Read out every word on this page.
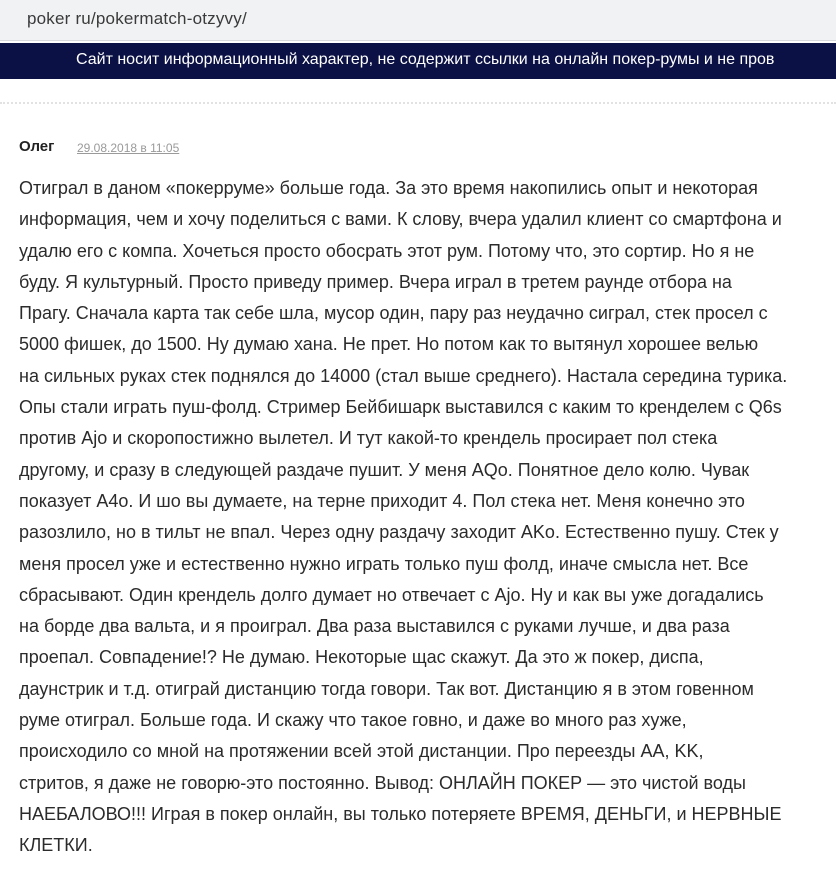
poker ru/pokermatch-otzyvy/
Сайт носит информационный характер, не содержит ссылки на онлайн покер-румы и не пров
Олег 29.08.2018 в 11:05
Отиграл в даном «покерруме» больше года. За это время накопились опыт и некоторая
информация, чем и хочу поделиться с вами. К слову, вчера удалил клиент со смартфона и
удалю его с компа. Хочеться просто обосрать этот рум. Потому что, это сортир. Но я не
буду. Я культурный. Просто приведу пример. Вчера играл в третем раунде отбора на
Прагу. Сначала карта так себе шла, мусор один, пару раз неудачно сиграл, стек просел с
5000 фишек, до 1500. Ну думаю хана. Не прет. Но потом как то вытянул хорошее велью
на сильных руках стек поднялся до 14000 (стал выше среднего). Настала середина турика.
Опы стали играть пуш-фолд. Стример Бейбишарк выставился с каким то кренделем с Q6s
против Ajo и скоропостижно вылетел. И тут какой-то крендель просирает пол стека
другому, и сразу в следующей раздаче пушит. У меня AQo. Понятное дело колю. Чувак
показует A4o. И шо вы думаете, на терне приходит 4. Пол стека нет. Меня конечно это
разозлило, но в тильт не впал. Через одну раздачу заходит AKo. Естественно пушу. Стек у
меня просел уже и естественно нужно играть только пуш фолд, иначе смысла нет. Все
сбрасывают. Один крендель долго думает но отвечает с Ajo. Ну и как вы уже догадались
на борде два вальта, и я проиграл. Два раза выставился с руками лучше, и два раза
проепал. Совпадение!? Не думаю. Некоторые щас скажут. Да это ж покер, диспа,
даунстрик и т.д. отиграй дистанцию тогда говори. Так вот. Дистанцию я в этом говенном
руме отиграл. Больше года. И скажу что такое говно, и даже во много раз хуже,
происходило со мной на протяжении всей этой дистанции. Про переезды AA, KK,
стритов, я даже не говорю-это постоянно. Вывод: ОНЛАЙН ПОКЕР — это чистой воды
НАЕБАЛОВО!!! Играя в покер онлайн, вы только потеряете ВРЕМЯ, ДЕНЬГИ, и НЕРВНЫЕ
КЛЕТКИ.
